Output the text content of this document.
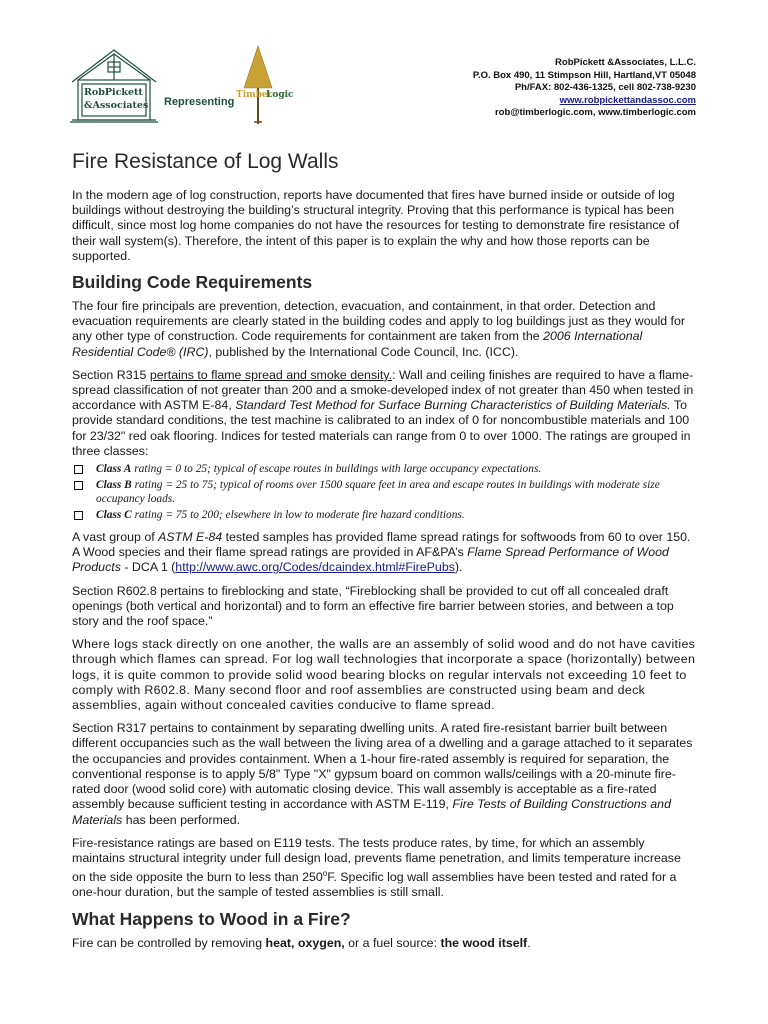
RobPickett
&Associates Representing
Timber
Logic
RobPickett &Associates, L.L.C.
P.O. Box 490, 11 Stimpson Hill, Hartland,VT 05048
Ph/FAX: 802-436-1325, cell 802-738-9230
www.robpickettandassoc.com
rob@timberlogic.com, www.timberlogic.com
Fire Resistance of Log Walls

In the modern age of log construction, reports have documented that fires have burned inside or outside of log buildings without destroying the building’s structural integrity. Proving that this performance is typical has been difficult, since most log home companies do not have the resources for testing to demonstrate fire resistance of their wall system(s). Therefore, the intent of this paper is to explain the why and how those reports can be supported.

Building Code Requirements

The four fire principals are prevention, detection, evacuation, and containment, in that order. Detection and evacuation requirements are clearly stated in the building codes and apply to log buildings just as they would for any other type of construction. Code requirements for containment are taken from the 2006 International Residential Code® (IRC), published by the International Code Council, Inc. (ICC).

Section R315 pertains to flame spread and smoke density.: Wall and ceiling finishes are required to have a flame-spread classification of not greater than 200 and a smoke-developed index of not greater than 450 when tested in accordance with ASTM E-84, Standard Test Method for Surface Burning Characteristics of Building Materials. To provide standard conditions, the test machine is calibrated to an index of 0 for noncombustible materials and 100 for 23/32" red oak flooring. Indices for tested materials can range from 0 to over 1000. The ratings are grouped in three classes:

Class A rating = 0 to 25; typical of escape routes in buildings with large occupancy expectations.
Class B rating = 25 to 75; typical of rooms over 1500 square feet in area and escape routes in buildings with moderate size occupancy loads.
Class C rating = 75 to 200; elsewhere in low to moderate fire hazard conditions.

A vast group of ASTM E-84 tested samples has provided flame spread ratings for softwoods from 60 to over 150. A Wood species and their flame spread ratings are provided in AF&PA’s Flame Spread Performance of Wood Products - DCA 1 (http://www.awc.org/Codes/dcaindex.html#FirePubs).

Section R602.8 pertains to fireblocking and state, “Fireblocking shall be provided to cut off all concealed draft openings (both vertical and horizontal) and to form an effective fire barrier between stories, and between a top story and the roof space.”

Where logs stack directly on one another, the walls are an assembly of solid wood and do not have cavities through which flames can spread. For log wall technologies that incorporate a space (horizontally) between logs, it is quite common to provide solid wood bearing blocks on regular intervals not exceeding 10 feet to comply with R602.8. Many second floor and roof assemblies are constructed using beam and deck assemblies, again without concealed cavities conducive to flame spread.

Section R317 pertains to containment by separating dwelling units. A rated fire-resistant barrier built between different occupancies such as the wall between the living area of a dwelling and a garage attached to it separates the occupancies and provides containment. When a 1-hour fire-rated assembly is required for separation, the conventional response is to apply 5/8" Type "X" gypsum board on common walls/ceilings with a 20-minute fire-rated door (wood solid core) with automatic closing device. This wall assembly is acceptable as a fire-rated assembly because sufficient testing in accordance with ASTM E-119, Fire Tests of Building Constructions and Materials has been performed.

Fire-resistance ratings are based on E119 tests. The tests produce rates, by time, for which an assembly maintains structural integrity under full design load, prevents flame penetration, and limits temperature increase on the side opposite the burn to less than 250$^o$F. Specific log wall assemblies have been tested and rated for a one-hour duration, but the sample of tested assemblies is still small.

What Happens to Wood in a Fire?

Fire can be controlled by removing heat, oxygen, or a fuel source: the wood itself.
